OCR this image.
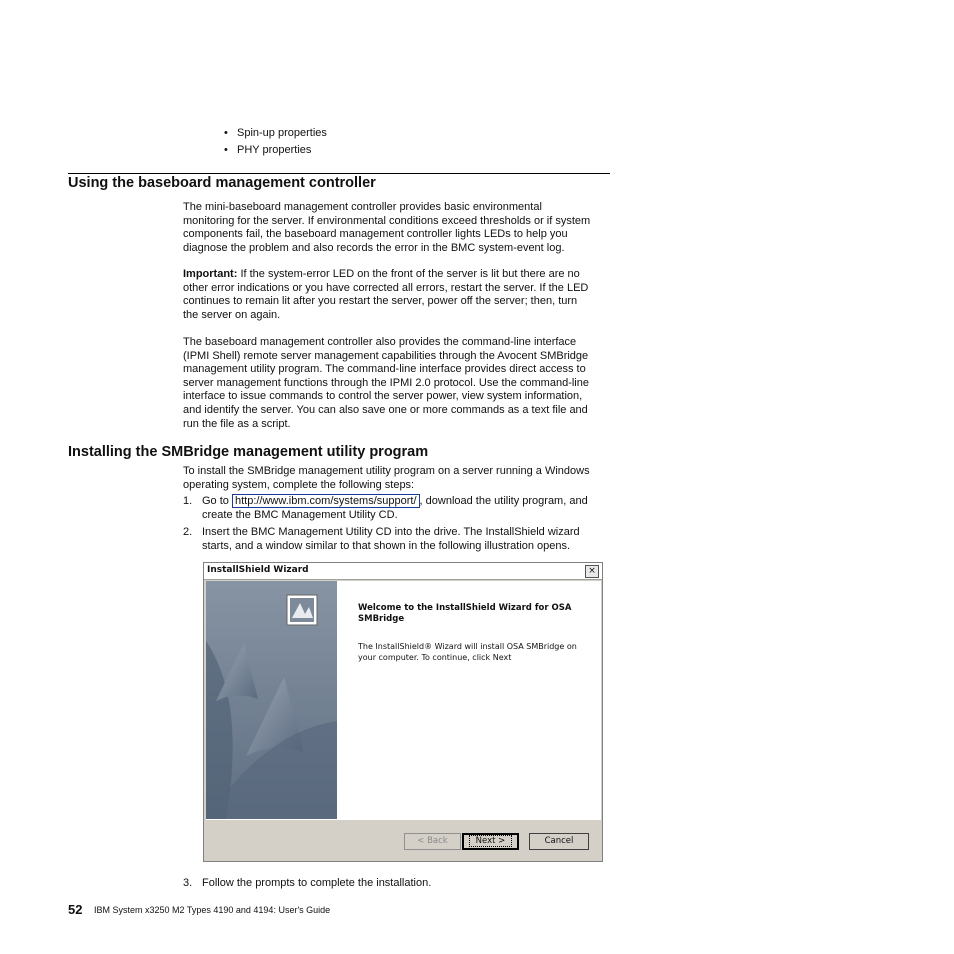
• Spin-up properties
• PHY properties
Using the baseboard management controller
The mini-baseboard management controller provides basic environmental
monitoring for the server. If environmental conditions exceed thresholds or if system
components fail, the baseboard management controller lights LEDs to help you
diagnose the problem and also records the error in the BMC system-event log.
Important: If the system-error LED on the front of the server is lit but there are no
other error indications or you have corrected all errors, restart the server. If the LED
continues to remain lit after you restart the server, power off the server; then, turn
the server on again.
The baseboard management controller also provides the command-line interface
(IPMI Shell) remote server management capabilities through the Avocent SMBridge
management utility program. The command-line interface provides direct access to
server management functions through the IPMI 2.0 protocol. Use the command-line
interface to issue commands to control the server power, view system information,
and identify the server. You can also save one or more commands as a text file and
run the file as a script.
Installing the SMBridge management utility program
To install the SMBridge management utility program on a server running a Windows
operating system, complete the following steps:
1. Go to http://www.ibm.com/systems/support/ , download the utility program, and
create the BMC Management Utility CD.
2. Insert the BMC Management Utility CD into the drive. The InstallShield wizard
starts, and a window similar to that shown in the following illustration opens.
InstallShield Wizard	×
Welcome to the InstallShield Wizard for OSA
SMBridge
The InstallShield® Wizard will install OSA SMBridge on
your computer. To continue, click Next
< Back	Next >	Cancel
3. Follow the prompts to complete the installation.
52 IBM System x3250 M2 Types 4190 and 4194: User's Guide
